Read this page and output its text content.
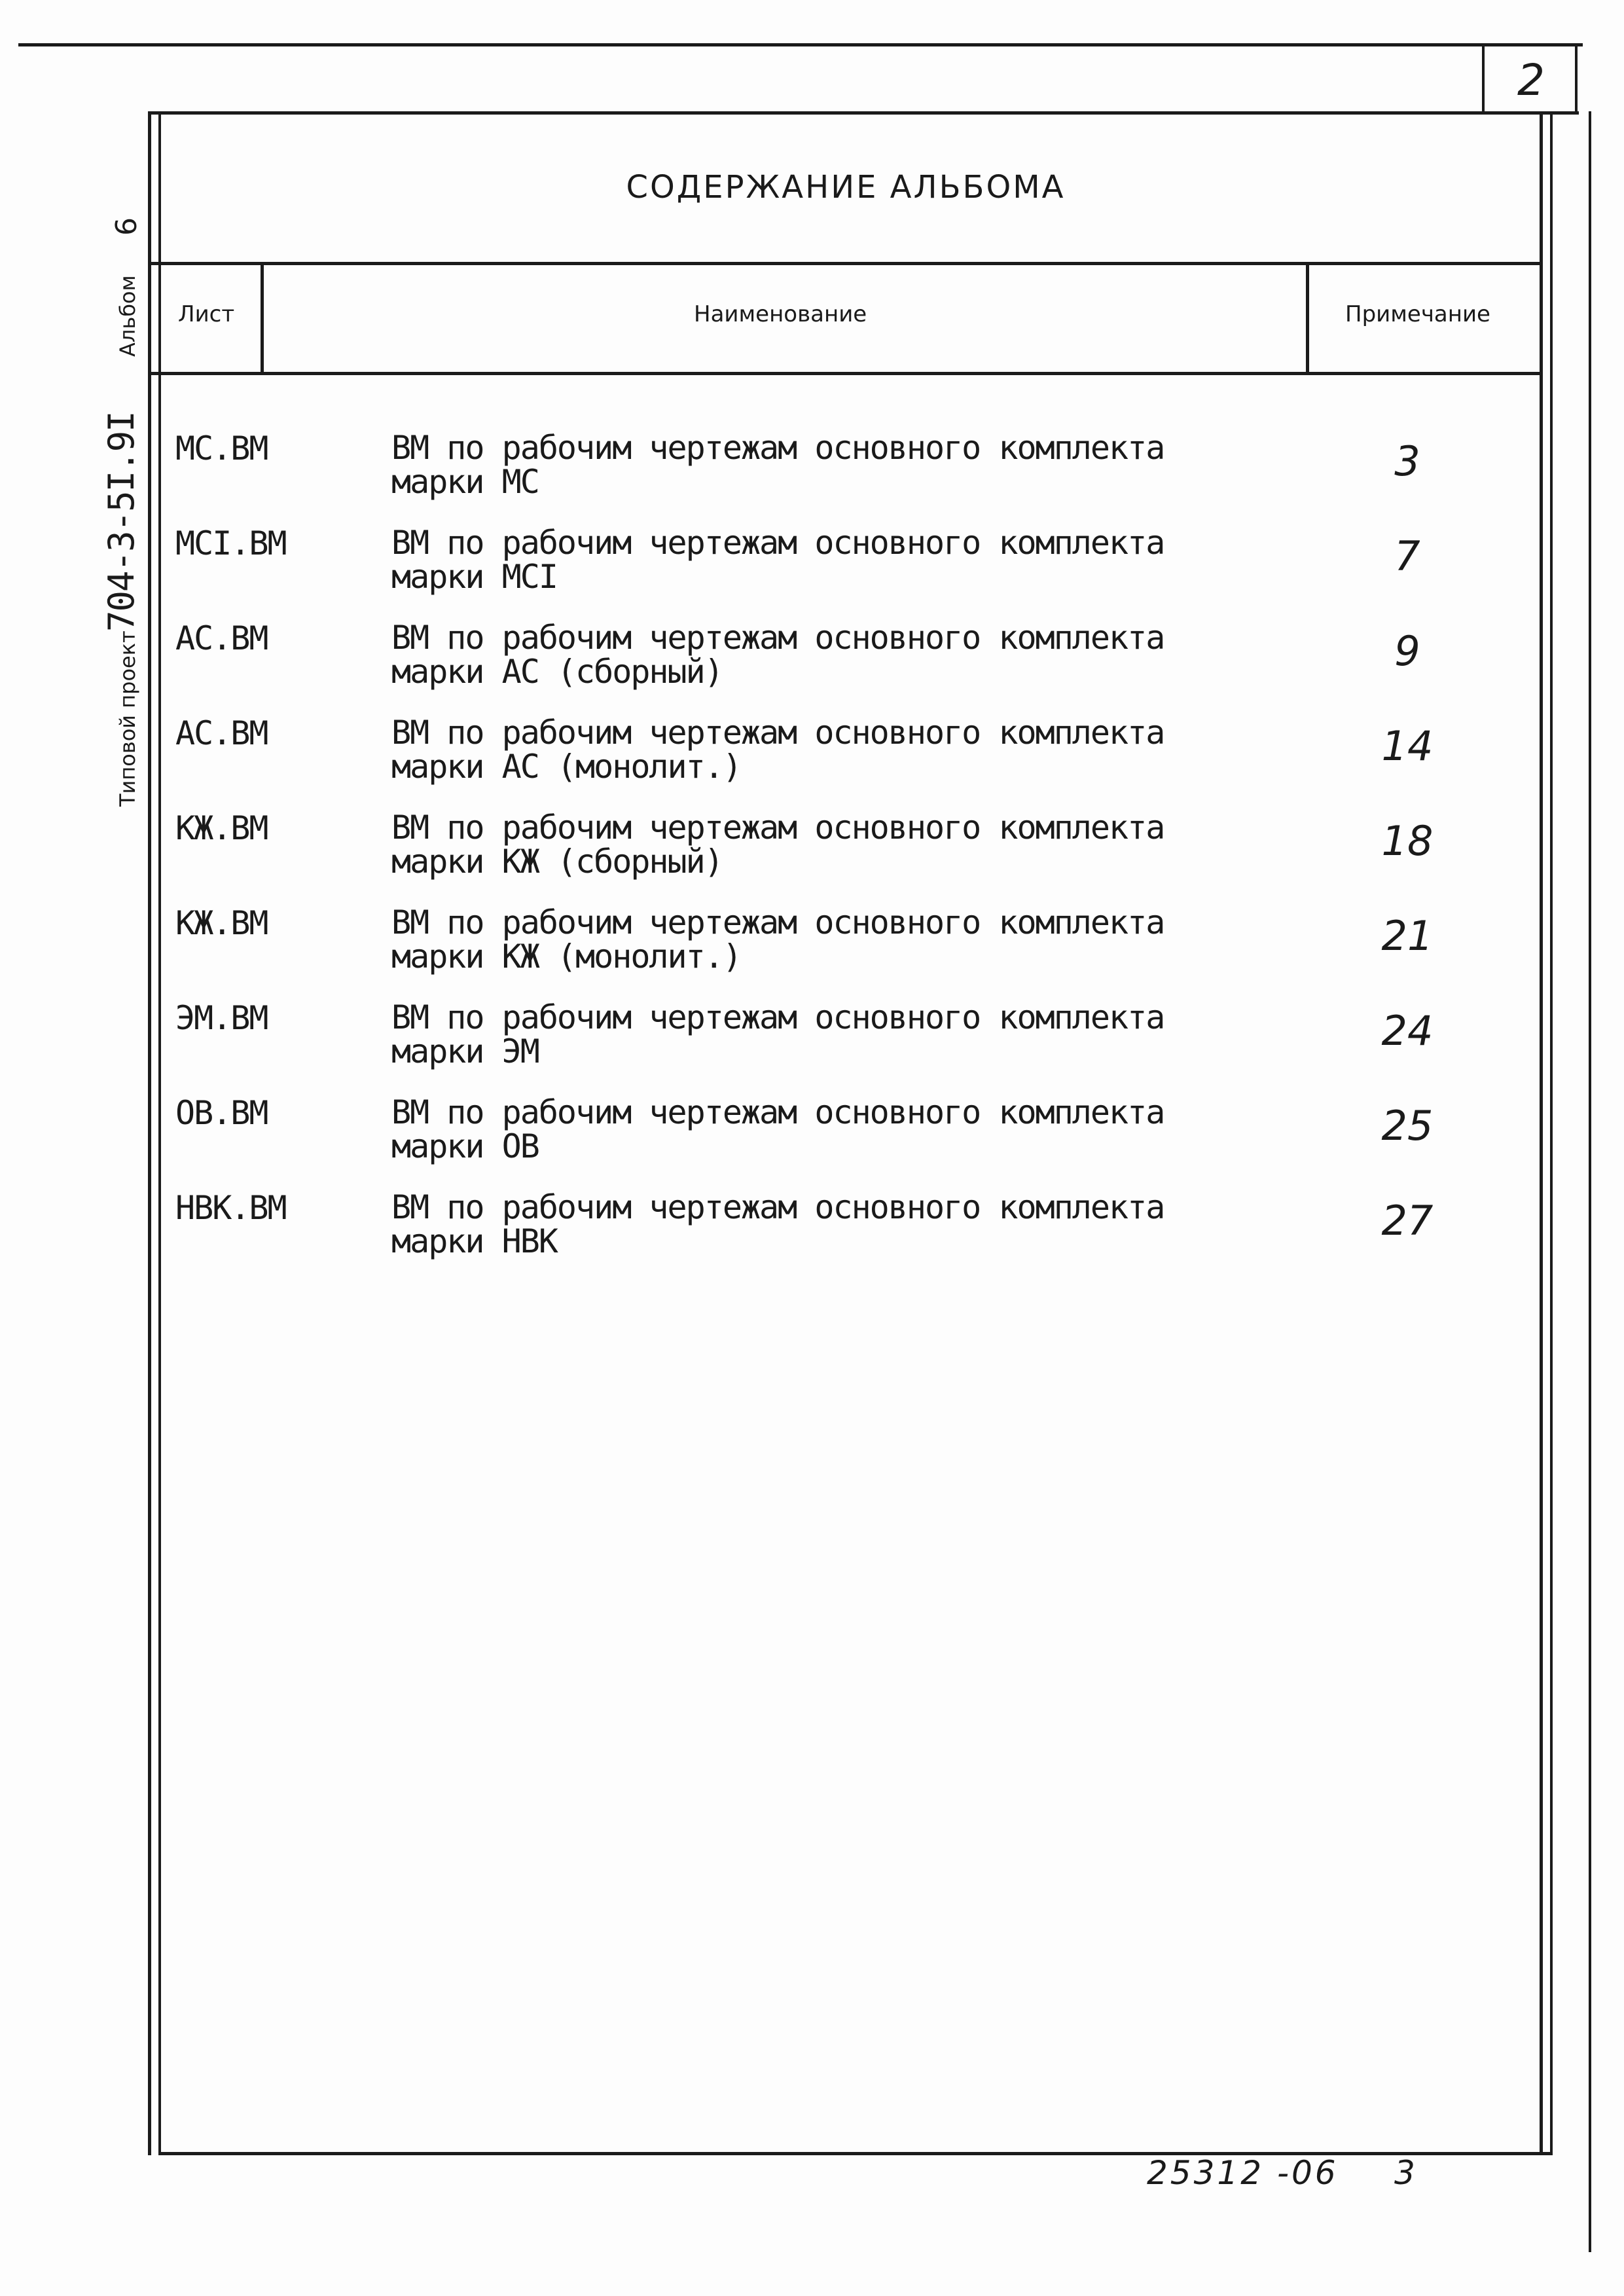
2
СОДЕРЖАНИЕ АЛЬБОМА
Лист	Наименование	Примечание
6
Альбом
Типовой проект
704-3-5I.9I МС.ВМ	ВМ по рабочим чертежам основного комплекта
марки МС	3
МСI.ВМ	ВМ по рабочим чертежам основного комплекта
марки МСI	7
АС.ВМ	ВМ по рабочим чертежам основного комплекта
марки АС (сборный)	9
АС.ВМ	ВМ по рабочим чертежам основного комплекта
марки АС (монолит.)	14
КЖ.ВМ	ВМ по рабочим чертежам основного комплекта
марки КЖ (сборный)	18
КЖ.ВМ	ВМ по рабочим чертежам основного комплекта
марки КЖ (монолит.)	21
ЭМ.ВМ	ВМ по рабочим чертежам основного комплекта
марки ЭМ	24
ОВ.ВМ	ВМ по рабочим чертежам основного комплекта
марки ОВ	25
НВК.ВМ	ВМ по рабочим чертежам основного комплекта
марки НВК	27
25312 -06 3
